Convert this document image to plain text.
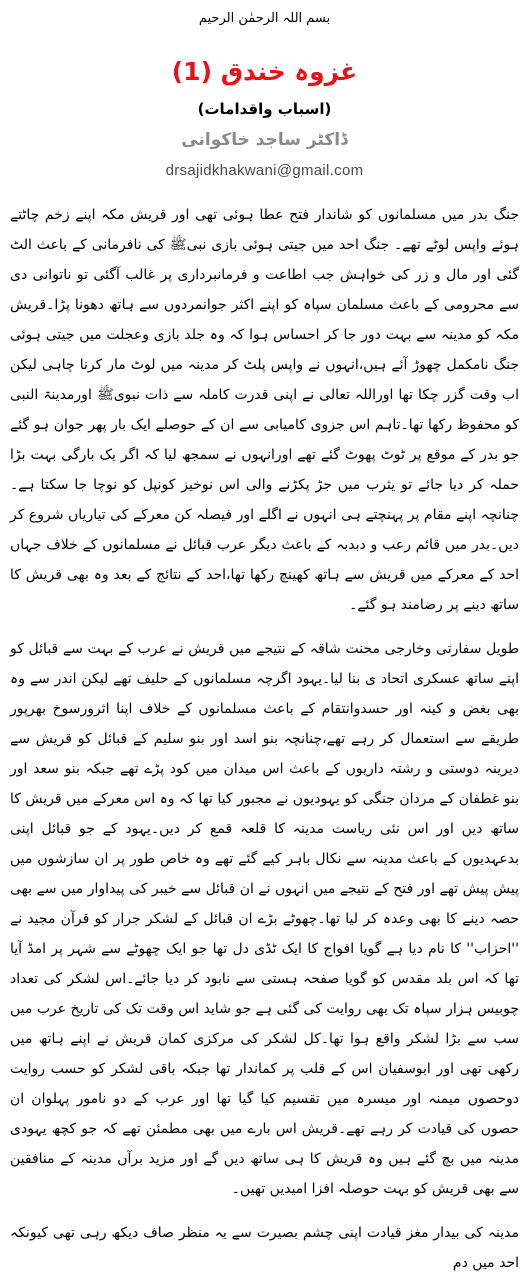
بسم اللہ الرحمٰن الرحیم
غزوہ خندق (1)
(اسباب واقدامات)
ڈاکٹر ساجد خاکوانی
drsajidkhakwani@gmail.com

جنگ بدر میں مسلمانوں کو شاندار فتح عطا ہوئی تھی اور قریش مکہ اپنے زخم چاٹتے ہوئے واپس لوٹے تھے۔ جنگ احد میں جیتی ہوئی بازی نبیﷺ کی نافرمانی کے باعث الٹ گئی اور مال و زر کی خواہش جب اطاعت و فرمانبرداری پر غالب آگئی تو ناتوانی دی سے محرومی کے باعث مسلمان سپاہ کو اپنے اکثر جوانمردوں سے ہاتھ دھونا پڑا۔قریش مکہ کو مدینہ سے بہت دور جا کر احساس ہوا کہ وہ جلد بازی وعجلت میں جیتی ہوئی جنگ نامکمل چھوڑ آئے ہیں،انہوں نے واپس پلٹ کر مدینہ میں لوٹ مار کرنا چاہی لیکن اب وقت گزر چکا تھا اوراللہ تعالی نے اپنی قدرت کاملہ سے ذات نبویﷺ اورمدینۃ النبی کو محفوظ رکھا تھا۔تاہم اس جزوی کامیابی سے ان کے حوصلے ایک بار پھر جوان ہو گئے جو بدر کے موقع پر ٹوٹ پھوٹ گئے تھے اورانہوں نے سمجھ لیا کہ اگر یک بارگی بہت بڑا حملہ کر دیا جائے تو یثرب میں جڑ پکڑنے والی اس نوخیز کونپل کو نوچا جا سکتا ہے۔چنانچہ اپنے مقام پر پہنچتے ہی انہوں نے اگلے اور فیصلہ کن معرکے کی تیاریاں شروع کر دیں۔بدر میں قائم رعب و دبدبہ کے باعث دیگر عرب قبائل نے مسلمانوں کے خلاف جہاں احد کے معرکے میں قریش سے ہاتھ کھینچ رکھا تھا،احد کے نتائج کے بعد وہ بھی قریش کا ساتھ دینے پر رضامند ہو گئے۔

طویل سفارتی وخارجی محنت شاقہ کے نتیجے میں قریش نے عرب کے بہت سے قبائل کو اپنے ساتھ عسکری اتحاد ی بنا لیا۔یہود اگرچہ مسلمانوں کے حلیف تھے لیکن اندر سے وہ بھی بغض و کینہ اور حسدوانتقام کے باعث مسلمانوں کے خلاف اپنا اثرورسوخ بھرپور طریقے سے استعمال کر رہے تھے،چنانچہ بنو اسد اور بنو سلیم کے قبائل کو قریش سے دیرینہ دوستی و رشتہ داریوں کے باعث اس میدان میں کود پڑے تھے جبکہ بنو سعد اور بنو غطفان کے مردان جنگی کو یہودیوں نے مجبور کیا تھا کہ وہ اس معرکے میں قریش کا ساتھ دیں اور اس نئی ریاست مدینہ کا قلعہ قمع کر دیں۔یہود کے جو قبائل اپنی بدعہدیوں کے باعث مدینہ سے نکال باہر کیے گئے تھے وہ خاص طور پر ان سازشوں میں پیش پیش تھے اور فتح کے نتیجے میں انہوں نے ان قبائل سے خیبر کی پیداوار میں سے بھی حصہ دینے کا بھی وعدہ کر لیا تھا۔چھوٹے بڑے ان قبائل کے لشکر جرار کو قرآن مجید نے ''احزاب'' کا نام دیا ہے گویا افواج کا ایک ٹڈی دل تھا جو ایک چھوٹے سے شہر پر امڈ آیا تھا کہ اس بلد مقدس کو گویا صفحہ ہستی سے نابود کر دیا جائے۔اس لشکر کی تعداد چوبیس ہزار سپاہ تک بھی روایت کی گئی ہے جو شاید اس وقت تک کی تاریخ عرب میں سب سے بڑا لشکر واقع ہوا تھا۔کل لشکر کی مرکزی کمان قریش نے اپنے ہاتھ میں رکھی تھی اور ابوسفیان اس کے قلب پر کماندار تھا جبکہ باقی لشکر کو حسب روایت دوحصوں میمنہ اور میسرہ میں تقسیم کیا گیا تھا اور عرب کے دو نامور پہلوان ان حصوں کی قیادت کر رہے تھے۔قریش اس بارے میں بھی مطمئن تھے کہ جو کچھ یہودی مدینہ میں بچ گئے ہیں وہ قریش کا ہی ساتھ دیں گے اور مزید برآں مدینہ کے منافقین سے بھی قریش کو بہت حوصلہ افزا امیدیں تھیں۔

مدینہ کی بیدار مغز قیادت اپنی چشم بصیرت سے یہ منظر صاف دیکھ رہی تھی کیونکہ احد میں دم
